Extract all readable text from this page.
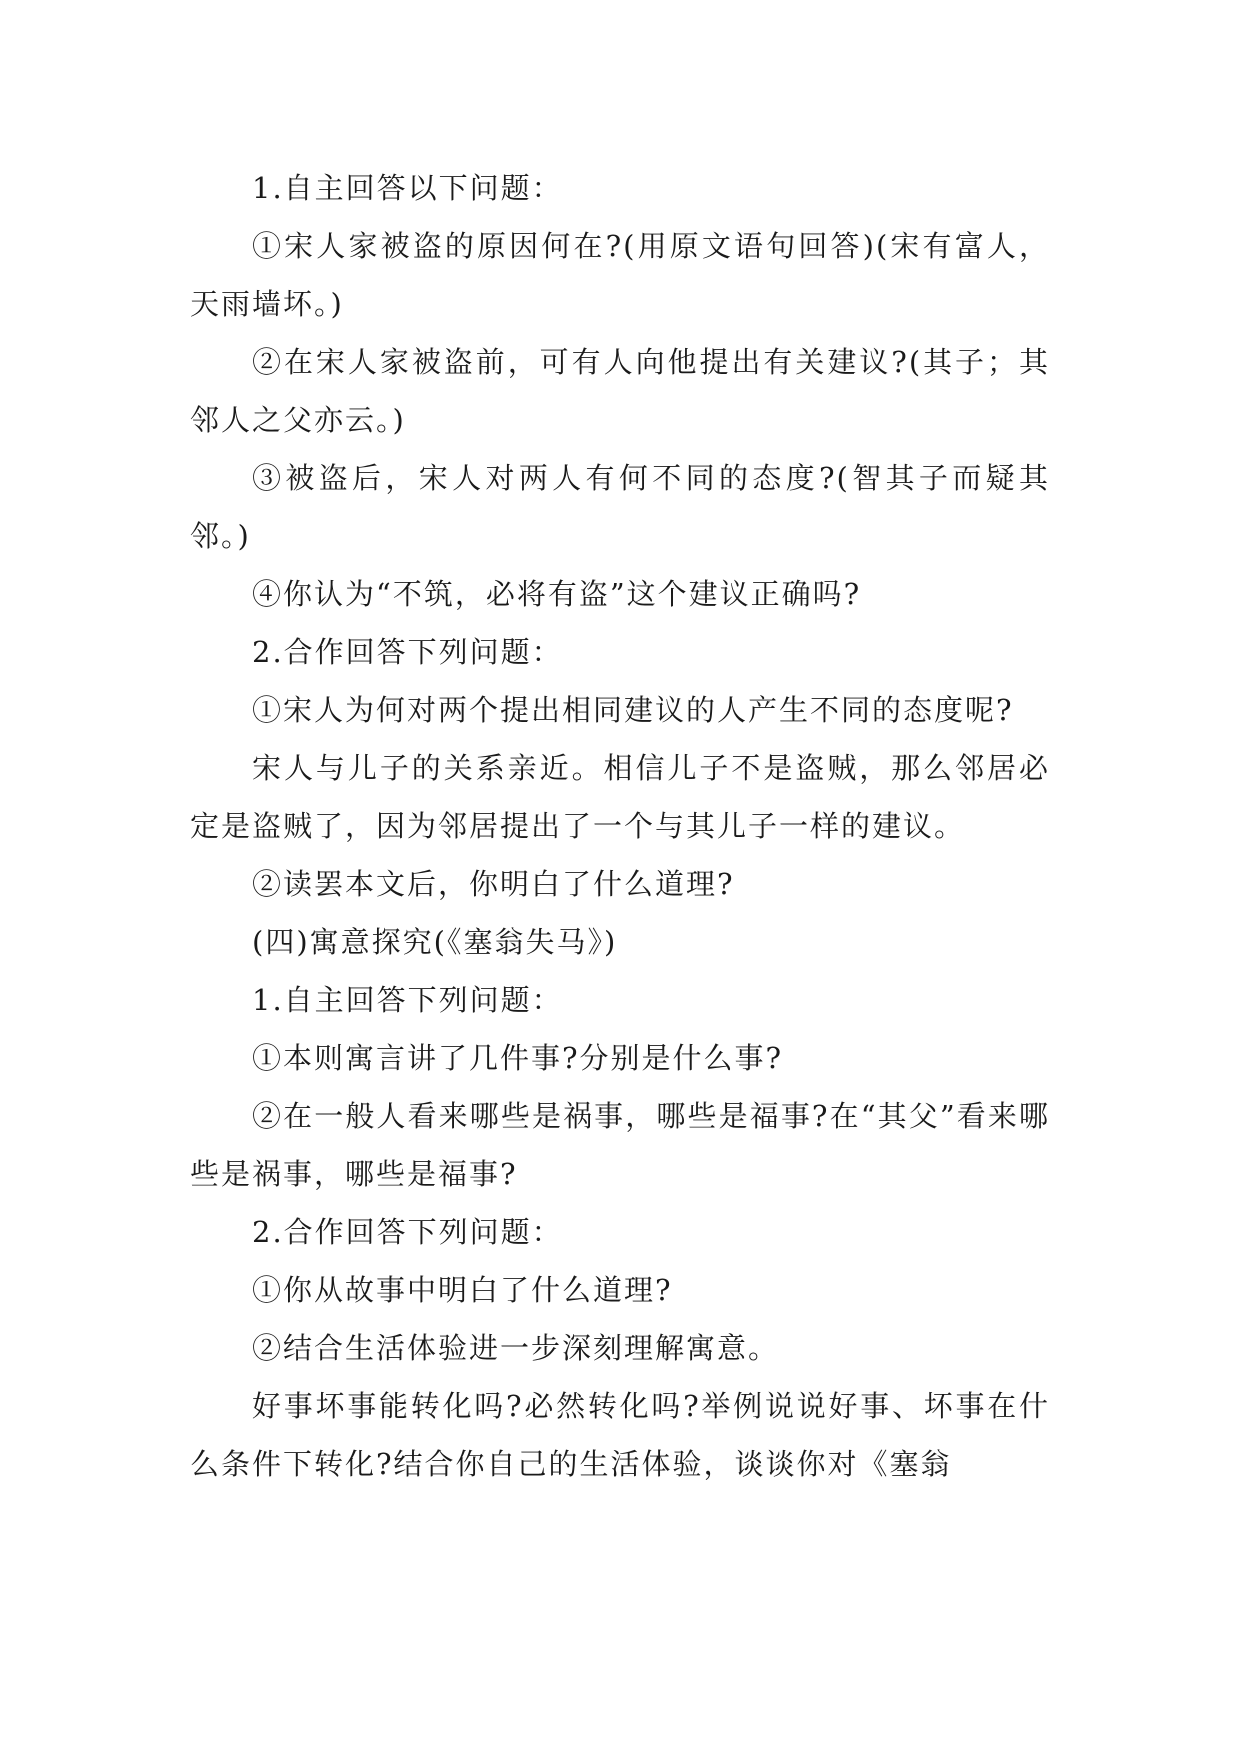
1.自主回答以下问题：

①宋人家被盗的原因何在?(用原文语句回答)(宋有富人，天雨墙坏。)

②在宋人家被盗前，可有人向他提出有关建议?(其子；其邻人之父亦云。)

③被盗后，宋人对两人有何不同的态度?(智其子而疑其邻。)

④你认为“不筑，必将有盗”这个建议正确吗?

2.合作回答下列问题：

①宋人为何对两个提出相同建议的人产生不同的态度呢?

宋人与儿子的关系亲近。相信儿子不是盗贼，那么邻居必定是盗贼了，因为邻居提出了一个与其儿子一样的建议。

②读罢本文后，你明白了什么道理?

(四)寓意探究(《塞翁失马》)

1.自主回答下列问题：

①本则寓言讲了几件事?分别是什么事?

②在一般人看来哪些是祸事，哪些是福事?在“其父”看来哪些是祸事，哪些是福事?

2.合作回答下列问题：

①你从故事中明白了什么道理?

②结合生活体验进一步深刻理解寓意。

好事坏事能转化吗?必然转化吗?举例说说好事、坏事在什么条件下转化?结合你自己的生活体验，谈谈你对《塞翁
